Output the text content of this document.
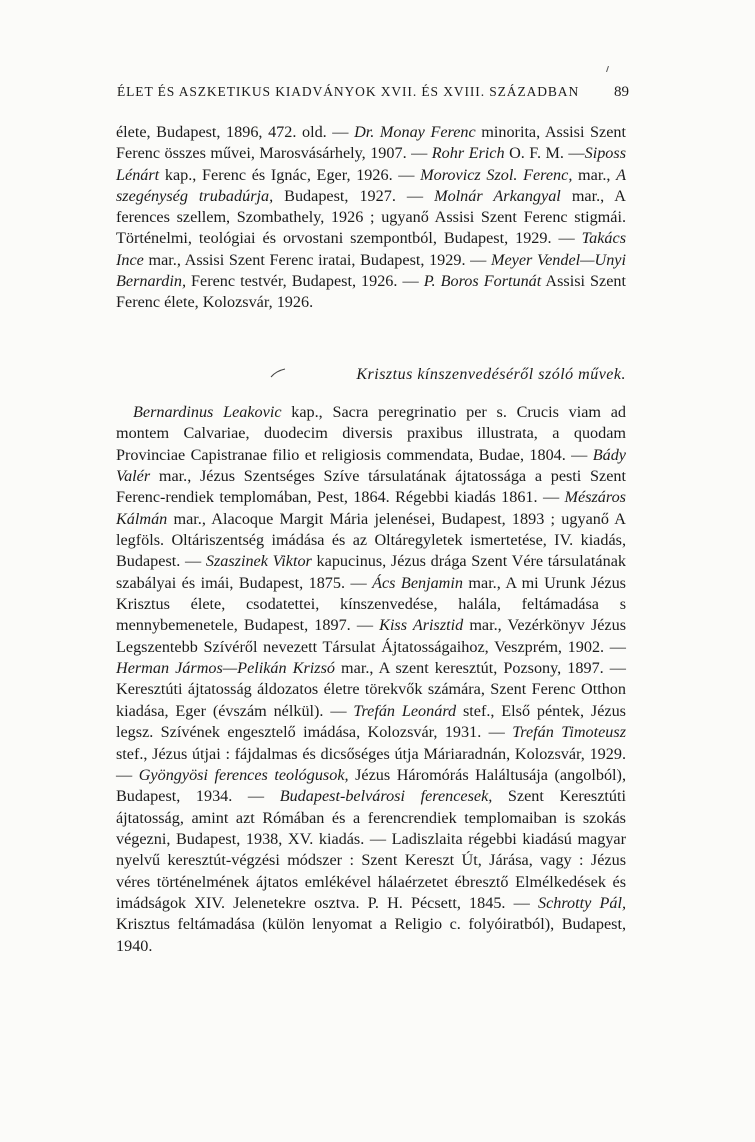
ÉLET ÉS ASZKETIKUS KIADVÁNYOK XVII. ÉS XVIII. SZÁZADBAN 89

élete, Budapest, 1896, 472. old. — Dr. Monay Ferenc minorita, Assisi Szent Ferenc összes művei, Marosvásárhely, 1907. — Rohr Erich O. F. M. —Siposs Lénárt kap., Ferenc és Ignác, Eger, 1926. — Morovicz Szol. Ferenc, mar., A szegénység trubadúrja, Budapest, 1927. — Molnár Arkangyal mar., A ferences szellem, Szombathely, 1926 ; ugyanő Assisi Szent Ferenc stigmái. Történelmi, teológiai és orvostani szempontból, Budapest, 1929. — Takács Ince mar., Assisi Szent Ferenc iratai, Budapest, 1929. — Meyer Vendel—Unyi Bernardin, Ferenc testvér, Budapest, 1926. — P. Boros Fortunát Assisi Szent Ferenc élete, Kolozsvár, 1926.

Krisztus kínszenvedéséről szóló művek.

Bernardinus Leakovic kap., Sacra peregrinatio per s. Crucis viam ad montem Calvariae, duodecim diversis praxibus illustrata, a quodam Provinciae Capistranae filio et religiosis commendata, Budae, 1804. — Bády Valér mar., Jézus Szentséges Szíve társulatának ájtatossága a pesti Szent Ferenc-rendiek templomában, Pest, 1864. Régebbi kiadás 1861. — Mészáros Kálmán mar., Alacoque Margit Mária jelenései, Budapest, 1893 ; ugyanő A legföls. Oltáriszentség imádása és az Oltáregyletek ismertetése, IV. kiadás, Budapest. — Szaszinek Viktor kapucinus, Jézus drága Szent Vére társulatának szabályai és imái, Budapest, 1875. — Ács Benjamin mar., A mi Urunk Jézus Krisztus élete, csodatettei, kínszenvedése, halála, feltámadása s mennybemenetele, Budapest, 1897. — Kiss Arisztid mar., Vezérkönyv Jézus Legszentebb Szívéről nevezett Társulat Ájtatosságaihoz, Veszprém, 1902. — Herman Jármos—Pelikán Krizsó mar., A szent keresztút, Pozsony, 1897. — Keresztúti ájtatosság áldozatos életre törekvők számára, Szent Ferenc Otthon kiadása, Eger (évszám nélkül). — Trefán Leonárd stef., Első péntek, Jézus legsz. Szívének engesztelő imádása, Kolozsvár, 1931. — Trefán Timoteusz stef., Jézus útjai : fájdalmas és dicsőséges útja Máriaradnán, Kolozsvár, 1929. — Gyöngyösi ferences teológusok, Jézus Háromórás Haláltusája (angolból), Budapest, 1934. — Budapest-belvárosi ferencesek, Szent Keresztúti ájtatosság, amint azt Rómában és a ferencrendiek templomaiban is szokás végezni, Budapest, 1938, XV. kiadás. — Ladiszlaita régebbi kiadású magyar nyelvű keresztút-végzési módszer : Szent Kereszt Út, Járása, vagy : Jézus véres történelmének ájtatos emlékével hálaérzetet ébresztő Elmélkedések és imádságok XIV. Jelenetekre osztva. P. H. Pécsett, 1845. — Schrotty Pál, Krisztus feltámadása (külön lenyomat a Religio c. folyóiratból), Budapest, 1940.
